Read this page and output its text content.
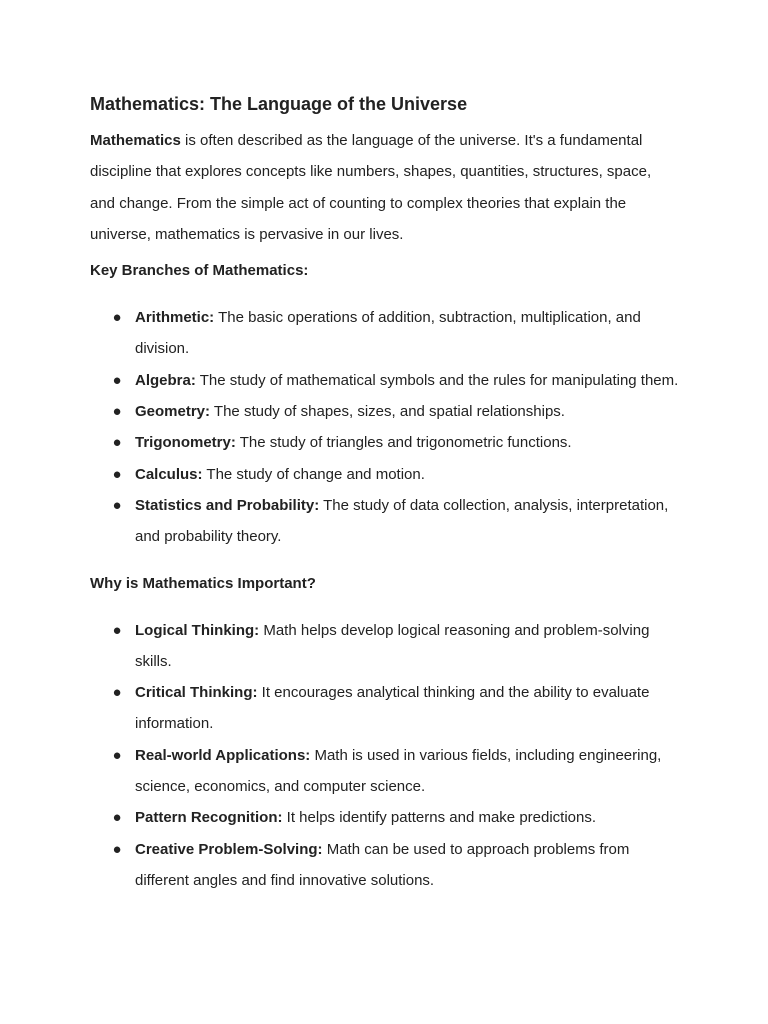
Mathematics: The Language of the Universe

Mathematics is often described as the language of the universe. It's a fundamental discipline that explores concepts like numbers, shapes, quantities, structures, space, and change. From the simple act of counting to complex theories that explain the universe, mathematics is pervasive in our lives.

Key Branches of Mathematics:

● Arithmetic: The basic operations of addition, subtraction, multiplication, and division.
● Algebra: The study of mathematical symbols and the rules for manipulating them.
● Geometry: The study of shapes, sizes, and spatial relationships.
● Trigonometry: The study of triangles and trigonometric functions.
● Calculus: The study of change and motion.
● Statistics and Probability: The study of data collection, analysis, interpretation, and probability theory.

Why is Mathematics Important?

● Logical Thinking: Math helps develop logical reasoning and problem-solving skills.
● Critical Thinking: It encourages analytical thinking and the ability to evaluate information.
● Real-world Applications: Math is used in various fields, including engineering, science, economics, and computer science.
● Pattern Recognition: It helps identify patterns and make predictions.
● Creative Problem-Solving: Math can be used to approach problems from different angles and find innovative solutions.
